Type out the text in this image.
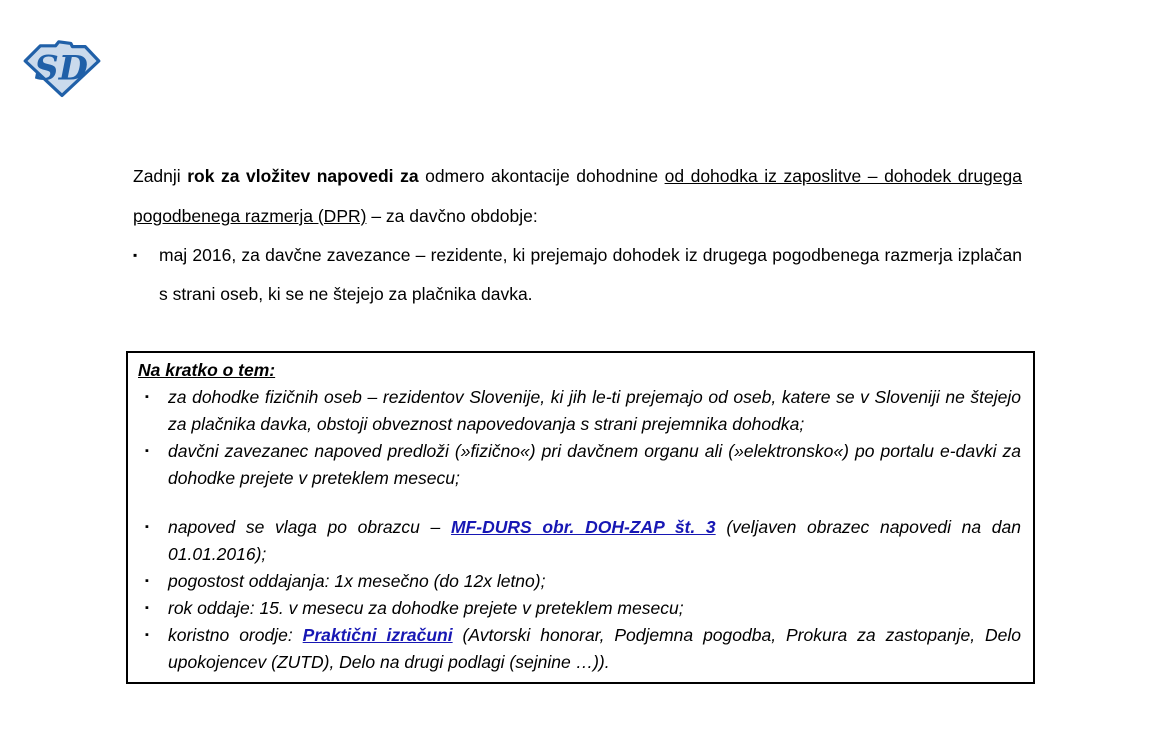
SD

Zadnji rok za vložitev napovedi za odmero akontacije dohodnine od dohodka iz zaposlitve – dohodek drugega pogodbenega razmerja (DPR) – za davčno obdobje:

▪	maj 2016, za davčne zavezance – rezidente, ki prejemajo dohodek iz drugega pogodbenega razmerja izplačan s strani oseb, ki se ne štejejo za plačnika davka.
Na kratko o tem:
▪	za dohodke fizičnih oseb – rezidentov Slovenije, ki jih le-ti prejemajo od oseb, katere se v Sloveniji ne štejejo za plačnika davka, obstoji obveznost napovedovanja s strani prejemnika dohodka;
▪	davčni zavezanec napoved predloži (»fizično«) pri davčnem organu ali (»elektronsko«) po portalu e-davki za dohodke prejete v preteklem mesecu;
▪	napoved se vlaga po obrazcu – MF-DURS obr. DOH-ZAP št. 3 (veljaven obrazec napovedi na dan 01.01.2016);
▪	pogostost oddajanja: 1x mesečno (do 12x letno);
▪	rok oddaje: 15. v mesecu za dohodke prejete v preteklem mesecu;
▪	koristno orodje: Praktični izračuni (Avtorski honorar, Podjemna pogodba, Prokura za zastopanje, Delo upokojencev (ZUTD), Delo na drugi podlagi (sejnine …)).
